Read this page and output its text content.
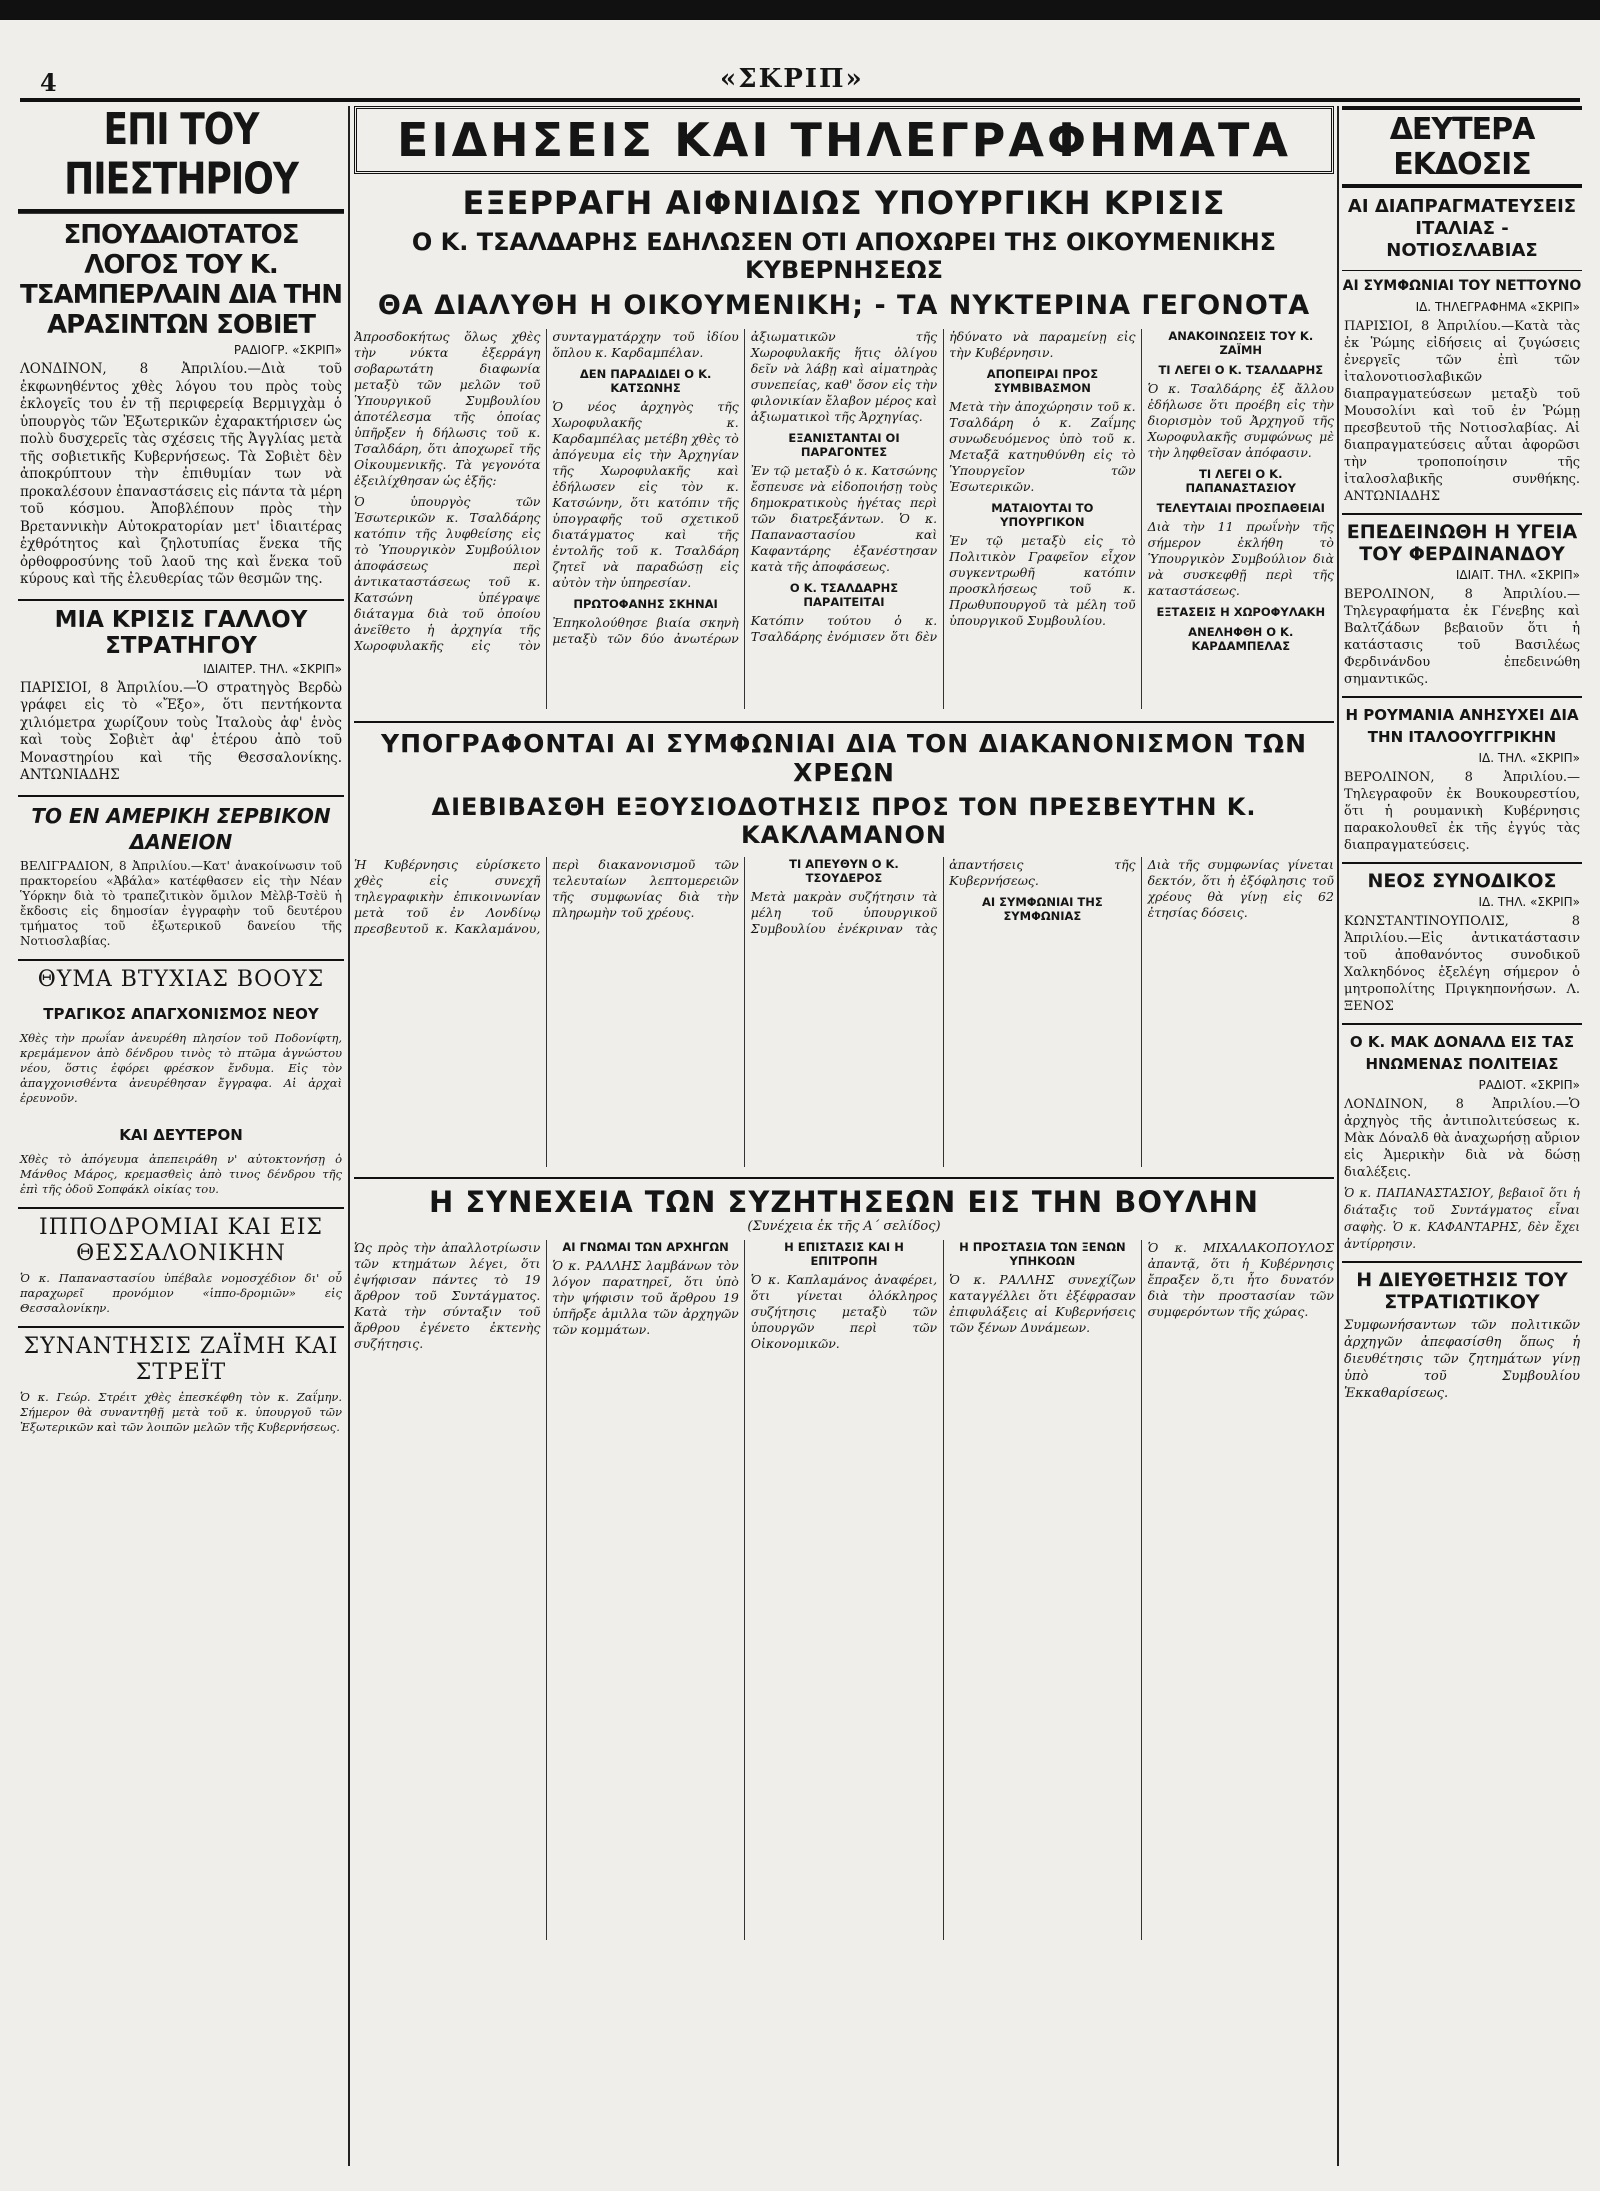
4	«ΣΚΡΙΠ»
ΕΠΙ ΤΟΥ ΠΙΕΣΤΗΡΙΟΥ
ΣΠΟΥΔΑΙΟΤΑΤΟΣ ΛΟΓΟΣ ΤΟΥ Κ. ΤΣΑΜΠΕΡΛΑΙΝ ΔΙΑ ΤΗΝ ΑΡΑΣΙΝΤΩΝ ΣΟΒΙΕΤ
ΡΑΔΙΟΓΡ. «ΣΚΡΙΠ»
ΛΟΝΔΙΝΟΝ, 8 Ἀπριλίου.—Διὰ τοῦ ἐκφωνηθέντος χθὲς λόγου του πρὸς τοὺς ἐκλογεῖς του ἐν τῇ περιφερείᾳ Βερμιγχὰμ ὁ ὑπουργὸς τῶν Ἐξωτερικῶν ἐχαρακτήρισεν ὡς πολὺ δυσχερεῖς τὰς σχέσεις τῆς Ἀγγλίας μετὰ τῆς σοβιετικῆς Κυβερνήσεως. Τὰ Σοβιὲτ δὲν ἀποκρύπτουν τὴν ἐπιθυμίαν των νὰ προκαλέσουν ἐπαναστάσεις εἰς πάντα τὰ μέρη τοῦ κόσμου. Ἀποβλέπουν πρὸς τὴν Βρεταννικὴν Αὐτοκρατορίαν μετ' ἰδιαιτέρας ἐχθρότητος καὶ ζηλοτυπίας ἕνεκα τῆς ὀρθοφροσύνης τοῦ λαοῦ της καὶ ἕνεκα τοῦ κύρους καὶ τῆς ἐλευθερίας τῶν θεσμῶν της.
ΜΙΑ ΚΡΙΣΙΣ ΓΑΛΛΟΥ ΣΤΡΑΤΗΓΟΥ
ΙΔΙΑΙΤΕΡ. ΤΗΛ. «ΣΚΡΙΠ»
ΠΑΡΙΣΙΟΙ, 8 Ἀπριλίου.—Ὁ στρατηγὸς Βερδὼ γράφει εἰς τὸ «Ἔξο», ὅτι πεντήκοντα χιλιόμετρα χωρίζουν τοὺς Ἰταλοὺς ἀφ' ἑνὸς καὶ τοὺς Σοβιὲτ ἀφ' ἑτέρου ἀπὸ τοῦ Μοναστηρίου καὶ τῆς Θεσσαλονίκης. ΑΝΤΩΝΙΑΔΗΣ
ΤΟ ΕΝ ΑΜΕΡΙΚΗ ΣΕΡΒΙΚΟΝ ΔΑΝΕΙΟΝ
ΒΕΛΙΓΡΑΔΙΟΝ, 8 Ἀπριλίου.—Κατ' ἀνακοίνωσιν τοῦ πρακτορείου «Ἀβάλα» κατέφθασεν εἰς τὴν Νέαν Ὑόρκην διὰ τὸ τραπεζιτικὸν ὅμιλον Μὲλβ-Τσὲϋ ἡ ἔκδοσις εἰς δημοσίαν ἐγγραφὴν τοῦ δευτέρου τμήματος τοῦ ἐξωτερικοῦ δανείου τῆς Νοτιοσλαβίας.
ΘΥΜΑ ΒΤΥΧΙΑΣ ΒΟΟΥΣ
ΤΡΑΓΙΚΟΣ ΑΠΑΓΧΟΝΙΣΜΟΣ ΝΕΟΥ
Χθὲς τὴν πρωΐαν ἀνευρέθη πλησίον τοῦ Ποδονίφτη, κρεμάμενον ἀπὸ δένδρου τινὸς τὸ πτῶμα ἀγνώστου νέου, ὅστις ἐφόρει φρέσκον ἔνδυμα. Εἰς τὸν ἀπαγχονισθέντα ἀνευρέθησαν ἔγγραφα. Αἱ ἀρχαὶ ἐρευνοῦν.
ΚΑΙ ΔΕΥΤΕΡΟΝ
Χθὲς τὸ ἀπόγευμα ἀπεπειράθη ν' αὐτοκτονήσῃ ὁ Μάνθος Μάρος, κρεμασθεὶς ἀπὸ τινος δένδρου τῆς ἐπὶ τῆς ὁδοῦ Σοπφάκλ οἰκίας του.
ΙΠΠΟΔΡΟΜΙΑΙ ΚΑΙ ΕΙΣ ΘΕΣΣΑΛΟΝΙΚΗΝ
Ὁ κ. Παπαναστασίου ὑπέβαλε νομοσχέδιον δι' οὗ παραχωρεῖ προνόμιον «ἱππο-δρομιῶν» εἰς Θεσσαλονίκην.
ΣΥΝΑΝΤΗΣΙΣ ΖΑΪΜΗ ΚΑΙ ΣΤΡΕΪΤ
Ὁ κ. Γεώρ. Στρέιτ χθὲς ἐπεσκέφθη τὸν κ. Ζαΐμην. Σήμερον θὰ συναντηθῇ μετὰ τοῦ κ. ὑπουργοῦ τῶν Ἐξωτερικῶν καὶ τῶν λοιπῶν μελῶν τῆς Κυβερνήσεως.
ΕΙΔΗΣΕΙΣ ΚΑΙ ΤΗΛΕΓΡΑΦΗΜΑΤΑ
ΕΞΕΡΡΑΓΗ ΑΙΦΝΙΔΙΩΣ ΥΠΟΥΡΓΙΚΗ ΚΡΙΣΙΣ
Ο Κ. ΤΣΑΛΔΑΡΗΣ ΕΔΗΛΩΣΕΝ ΟΤΙ ΑΠΟΧΩΡΕΙ ΤΗΣ ΟΙΚΟΥΜΕΝΙΚΗΣ ΚΥΒΕΡΝΗΣΕΩΣ
ΘΑ ΔΙΑΛΥΘΗ Η ΟΙΚΟΥΜΕΝΙΚΗ; - ΤΑ ΝΥΚΤΕΡΙΝΑ ΓΕΓΟΝΟΤΑ

Ἀπροσδοκήτως ὅλως χθὲς τὴν νύκτα ἐξερράγη σοβαρωτάτη διαφωνία μεταξὺ τῶν μελῶν τοῦ Ὑπουργικοῦ Συμβουλίου ἀποτέλεσμα τῆς ὁποίας ὑπῆρξεν ἡ δήλωσις τοῦ κ. Τσαλδάρη, ὅτι ἀποχωρεῖ τῆς Οἰκουμενικῆς. Τὰ γεγονότα ἐξειλίχθησαν ὡς ἑξῆς:

Ὁ ὑπουργὸς τῶν Ἐσωτερικῶν κ. Τσαλδάρης κατόπιν τῆς λυφθείσης εἰς τὸ Ὑπουργικὸν Συμβούλιον ἀποφάσεως περὶ ἀντικαταστάσεως τοῦ κ. Κατσώνη ὑπέγραψε διάταγμα διὰ τοῦ ὁποίου ἀνεῖθετο ἡ ἀρχηγία τῆς Χωροφυλακῆς εἰς τὸν συνταγματάρχην τοῦ ἰδίου ὅπλου κ. Καρδαμπέλαν.

ΔΕΝ ΠΑΡΑΔΙΔΕΙ Ο Κ. ΚΑΤΣΩΝΗΣ

Ὁ νέος ἀρχηγὸς τῆς Χωροφυλακῆς κ. Καρδαμπέλας μετέβη χθὲς τὸ ἀπόγευμα εἰς τὴν Ἀρχηγίαν τῆς Χωροφυλακῆς καὶ ἐδήλωσεν εἰς τὸν κ. Κατσώνην, ὅτι κατόπιν τῆς ὑπογραφῆς τοῦ σχετικοῦ διατάγματος καὶ τῆς ἐντολῆς τοῦ κ. Τσαλδάρη ζητεῖ νὰ παραδώσῃ εἰς αὐτὸν τὴν ὑπηρεσίαν.

ΠΡΩΤΟΦΑΝΗΣ ΣΚΗΝΑΙ

Ἐπηκολούθησε βιαία σκηνὴ μεταξὺ τῶν δύο ἀνωτέρων ἀξιωματικῶν τῆς Χωροφυλακῆς ἥτις ὀλίγου δεῖν νὰ λάβῃ καὶ αἱματηρὰς συνεπείας, καθ' ὅσον εἰς τὴν φιλονικίαν ἔλαβον μέρος καὶ ἀξιωματικοὶ τῆς Ἀρχηγίας.

ΕΞΑΝΙΣΤΑΝΤΑΙ ΟΙ ΠΑΡΑΓΟΝΤΕΣ

Ἐν τῷ μεταξὺ ὁ κ. Κατσώνης ἔσπευσε νὰ εἰδοποιήσῃ τοὺς δημοκρατικοὺς ἡγέτας περὶ τῶν διατρεξάντων. Ὁ κ. Παπαναστασίου καὶ Καφαντάρης ἐξανέστησαν κατὰ τῆς ἀποφάσεως.

Ο Κ. ΤΣΑΛΔΑΡΗΣ ΠΑΡΑΙΤΕΙΤΑΙ

Κατόπιν τούτου ὁ κ. Τσαλδάρης ἐνόμισεν ὅτι δὲν ἠδύνατο νὰ παραμείνῃ εἰς τὴν Κυβέρνησιν.

ΑΠΟΠΕΙΡΑΙ ΠΡΟΣ ΣΥΜΒΙΒΑΣΜΟΝ

Μετὰ τὴν ἀποχώρησιν τοῦ κ. Τσαλδάρη ὁ κ. Ζαΐμης συνωδευόμενος ὑπὸ τοῦ κ. Μεταξᾶ κατηυθύνθη εἰς τὸ Ὑπουργεῖον τῶν Ἐσωτερικῶν.

ΜΑΤΑΙΟΥΤΑΙ ΤΟ ΥΠΟΥΡΓΙΚΟΝ

Ἐν τῷ μεταξὺ εἰς τὸ Πολιτικὸν Γραφεῖον εἶχον συγκεντρωθῆ κατόπιν προσκλήσεως τοῦ κ. Πρωθυπουργοῦ τὰ μέλη τοῦ ὑπουργικοῦ Συμβουλίου.

ΑΝΑΚΟΙΝΩΣΕΙΣ ΤΟΥ Κ. ΖΑΪΜΗ
ΤΙ ΛΕΓΕΙ Ο Κ. ΤΣΑΛΔΑΡΗΣ

Ὁ κ. Τσαλδάρης ἐξ ἄλλου ἐδήλωσε ὅτι προέβη εἰς τὴν διορισμὸν τοῦ Ἀρχηγοῦ τῆς Χωροφυλακῆς συμφώνως μὲ τὴν ληφθεῖσαν ἀπόφασιν.

ΤΙ ΛΕΓΕΙ Ο Κ. ΠΑΠΑΝΑΣΤΑΣΙΟΥ
ΤΕΛΕΥΤΑΙΑΙ ΠΡΟΣΠΑΘΕΙΑΙ

Διὰ τὴν 11 πρωΐνὴν τῆς σήμερον ἐκλήθη τὸ Ὑπουργικὸν Συμβούλιον διὰ νὰ συσκεφθῇ περὶ τῆς καταστάσεως.

ΕΞΤΑΣΕΙΣ Η ΧΩΡΟΦΥΛΑΚΗ
ΑΝΕΛΗΦΘΗ Ο Κ. ΚΑΡΔΑΜΠΕΛΑΣ
ΥΠΟΓΡΑΦΟΝΤΑΙ ΑΙ ΣΥΜΦΩΝΙΑΙ ΔΙΑ ΤΟΝ ΔΙΑΚΑΝΟΝΙΣΜΟΝ ΤΩΝ ΧΡΕΩΝ
ΔΙΕΒΙΒΑΣΘΗ ΕΞΟΥΣΙΟΔΟΤΗΣΙΣ ΠΡΟΣ ΤΟΝ ΠΡΕΣΒΕΥΤΗΝ Κ. ΚΑΚΛΑΜΑΝΟΝ

Ἡ Κυβέρνησις εὑρίσκετο χθὲς εἰς συνεχῆ τηλεγραφικὴν ἐπικοινωνίαν μετὰ τοῦ ἐν Λονδίνῳ πρεσβευτοῦ κ. Κακλαμάνου, περὶ διακανονισμοῦ τῶν τελευταίων λεπτομερειῶν τῆς συμφωνίας διὰ τὴν πληρωμὴν τοῦ χρέους.

ΤΙ ΑΠΕΥΘΥΝ Ο Κ. ΤΣΟΥΔΕΡΟΣ

Μετὰ μακρὰν συζήτησιν τὰ μέλη τοῦ ὑπουργικοῦ Συμβουλίου ἐνέκριναν τὰς ἀπαντήσεις τῆς Κυβερνήσεως.

ΑΙ ΣΥΜΦΩΝΙΑΙ ΤΗΣ ΣΥΜΦΩΝΙΑΣ

Διὰ τῆς συμφωνίας γίνεται δεκτόν, ὅτι ἡ ἐξόφλησις τοῦ χρέους θὰ γίνῃ εἰς 62 ἐτησίας δόσεις.

Η ΣΥΝΕΧΕΙΑ ΤΩΝ ΣΥΖΗΤΗΣΕΩΝ ΕΙΣ ΤΗΝ ΒΟΥΛΗΝ
(Συνέχεια ἐκ τῆς Α΄ σελίδος)

Ὡς πρὸς τὴν ἀπαλλοτρίωσιν τῶν κτημάτων λέγει, ὅτι ἐψήφισαν πάντες τὸ 19 ἄρθρον τοῦ Συντάγματος. Κατὰ τὴν σύνταξιν τοῦ ἄρθρου ἐγένετο ἐκτενὴς συζήτησις.

ΑΙ ΓΝΩΜΑΙ ΤΩΝ ΑΡΧΗΓΩΝ

Ὁ κ. ΡΑΛΛΗΣ λαμβάνων τὸν λόγον παρατηρεῖ, ὅτι ὑπὸ τὴν ψήφισιν τοῦ ἄρθρου 19 ὑπῆρξε ἁμιλλα τῶν ἀρχηγῶν τῶν κομμάτων.

Η ΕΠΙΣΤΑΣΙΣ ΚΑΙ Η ΕΠΙΤΡΟΠΗ

Ὁ κ. Καπλαμάνος ἀναφέρει, ὅτι γίνεται ὁλόκληρος συζήτησις μεταξὺ τῶν ὑπουργῶν περὶ τῶν Οἰκονομικῶν.

Η ΠΡΟΣΤΑΣΙΑ ΤΩΝ ΞΕΝΩΝ ΥΠΗΚΟΩΝ

Ὁ κ. ΡΑΛΛΗΣ συνεχίζων καταγγέλλει ὅτι ἐξέφρασαν ἐπιφυλάξεις αἱ Κυβερνήσεις τῶν ξένων Δυνάμεων.

Ὁ κ. ΜΙΧΑΛΑΚΟΠΟΥΛΟΣ ἀπαντᾷ, ὅτι ἡ Κυβέρνησις ἔπραξεν ὅ,τι ἦτο δυνατόν διὰ τὴν προστασίαν τῶν συμφερόντων τῆς χώρας.

ΔΕΥΤΕΡΑ ΕΚΔΟΣΙΣ
ΑΙ ΔΙΑΠΡΑΓΜΑΤΕΥΣΕΙΣ ΙΤΑΛΙΑΣ - ΝΟΤΙΟΣΛΑΒΙΑΣ
ΑΙ ΣΥΜΦΩΝΙΑΙ ΤΟΥ ΝΕΤΤΟΥΝΟ
ΙΔ. ΤΗΛΕΓΡΑΦΗΜΑ «ΣΚΡΙΠ»
ΠΑΡΙΣΙΟΙ, 8 Ἀπριλίου.—Κατὰ τὰς ἐκ Ῥώμης εἰδήσεις αἱ ζυγώσεις ἐνεργεῖς τῶν ἐπὶ τῶν ἰταλονοτιοσλαβικῶν διαπραγματεύσεων μεταξὺ τοῦ Μουσολίνι καὶ τοῦ ἐν Ῥώμῃ πρεσβευτοῦ τῆς Νοτιοσλαβίας. Αἱ διαπραγματεύσεις αὗται ἀφορῶσι τὴν τροποποίησιν τῆς ἰταλοσλαβικῆς συνθήκης. ΑΝΤΩΝΙΑΔΗΣ
ΕΠΕΔΕΙΝΩΘΗ Η ΥΓΕΙΑ ΤΟΥ ΦΕΡΔΙΝΑΝΔΟΥ
ΙΔΙΑΙΤ. ΤΗΛ. «ΣΚΡΙΠ»
ΒΕΡΟΛΙΝΟΝ, 8 Ἀπριλίου.—Τηλεγραφήματα ἐκ Γένεβης καὶ Βαλτζάδων βεβαιοῦν ὅτι ἡ κατάστασις τοῦ Βασιλέως Φερδινάνδου ἐπεδεινώθη σημαντικῶς.
Η ΡΟΥΜΑΝΙΑ ΑΝΗΣΥΧΕΙ ΔΙΑ ΤΗΝ ΙΤΑΛΟΟΥΓΓΡΙΚΗΝ
ΙΔ. ΤΗΛ. «ΣΚΡΙΠ»
ΒΕΡΟΛΙΝΟΝ, 8 Ἀπριλίου.—Τηλεγραφοῦν ἐκ Βουκουρεστίου, ὅτι ἡ ρουμανικὴ Κυβέρνησις παρακολουθεῖ ἐκ τῆς ἐγγύς τὰς διαπραγματεύσεις.
ΝΕΟΣ ΣΥΝΟΔΙΚΟΣ
ΙΔ. ΤΗΛ. «ΣΚΡΙΠ»
ΚΩΝΣΤΑΝΤΙΝΟΥΠΟΛΙΣ, 8 Ἀπριλίου.—Εἰς ἀντικατάστασιν τοῦ ἀποθανόντος συνοδικοῦ Χαλκηδόνος ἐξελέγη σήμερον ὁ μητροπολίτης Πριγκηπονήσων. Λ. ΞΕΝΟΣ
Ο Κ. ΜΑΚ ΔΟΝΑΛΔ ΕΙΣ ΤΑΣ ΗΝΩΜΕΝΑΣ ΠΟΛΙΤΕΙΑΣ
ΡΑΔΙΟΤ. «ΣΚΡΙΠ»
ΛΟΝΔΙΝΟΝ, 8 Ἀπριλίου.—Ὁ ἀρχηγὸς τῆς ἀντιπολιτεύσεως κ. Μὰκ Δόναλδ θὰ ἀναχωρήσῃ αὔριον εἰς Ἀμερικὴν διὰ νὰ δώσῃ διαλέξεις.
Ὁ κ. ΠΑΠΑΝΑΣΤΑΣΙΟΥ, βεβαιοῖ ὅτι ἡ διάταξις τοῦ Συντάγματος εἶναι σαφὴς. Ὁ κ. ΚΑΦΑΝΤΑΡΗΣ, δὲν ἔχει ἀντίρρησιν.
Η ΔΙΕΥΘΕΤΗΣΙΣ ΤΟΥ ΣΤΡΑΤΙΩΤΙΚΟΥ
Συμφωνήσαντων τῶν πολιτικῶν ἀρχηγῶν ἀπεφασίσθη ὅπως ἡ διευθέτησις τῶν ζητημάτων γίνῃ ὑπὸ τοῦ Συμβουλίου Ἐκκαθαρίσεως.
